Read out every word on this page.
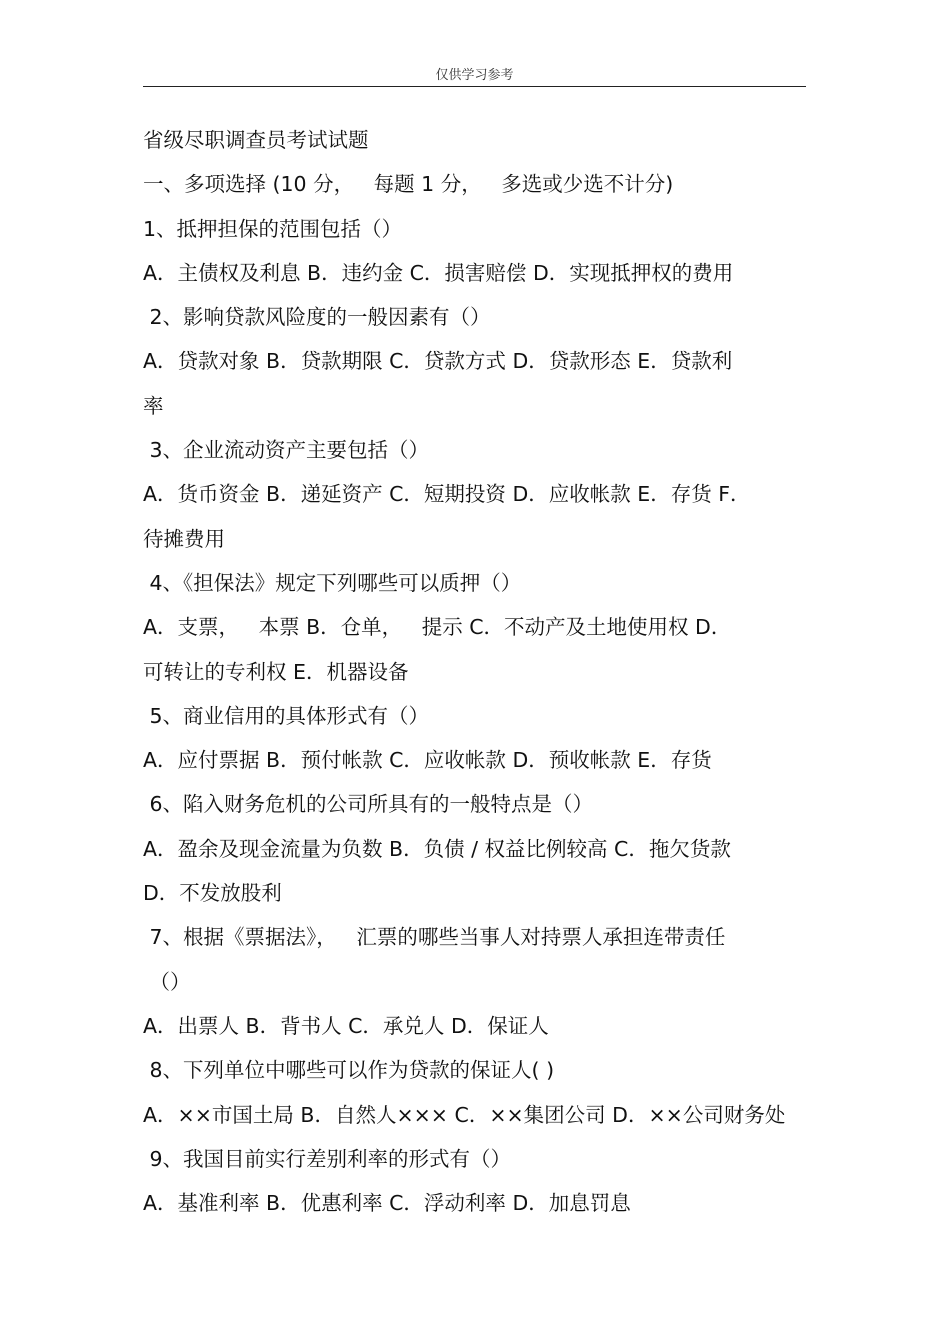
仅供学习参考
省级尽职调查员考试试题
一、多项选择 (10 分，   每题 1 分，   多选或少选不计分)
1、抵押担保的范围包括（）
A．主债权及利息 B．违约金 C．损害赔偿 D．实现抵押权的费用
2、影响贷款风险度的一般因素有（）
A．贷款对象 B．贷款期限 C．贷款方式 D．贷款形态 E．贷款利
率
3、企业流动资产主要包括（）
A．货币资金 B．递延资产 C．短期投资 D．应收帐款 E．存货 F．
待摊费用
4、《担保法》规定下列哪些可以质押（）
A．支票，   本票 B．仓单，   提示 C．不动产及土地使用权 D．
可转让的专利权 E．机器设备
5、商业信用的具体形式有（）
A．应付票据 B．预付帐款 C．应收帐款 D．预收帐款 E．存货
6、陷入财务危机的公司所具有的一般特点是（）
A．盈余及现金流量为负数 B．负债 / 权益比例较高 C．拖欠货款
D．不发放股利
7、根据《票据法》，   汇票的哪些当事人对持票人承担连带责任
（）
A．出票人 B．背书人 C．承兑人 D．保证人
8、下列单位中哪些可以作为贷款的保证人( )
A．××市国土局 B．自然人××× C．××集团公司 D．××公司财务处
9、我国目前实行差别利率的形式有（）
A．基准利率 B．优惠利率 C．浮动利率 D．加息罚息
